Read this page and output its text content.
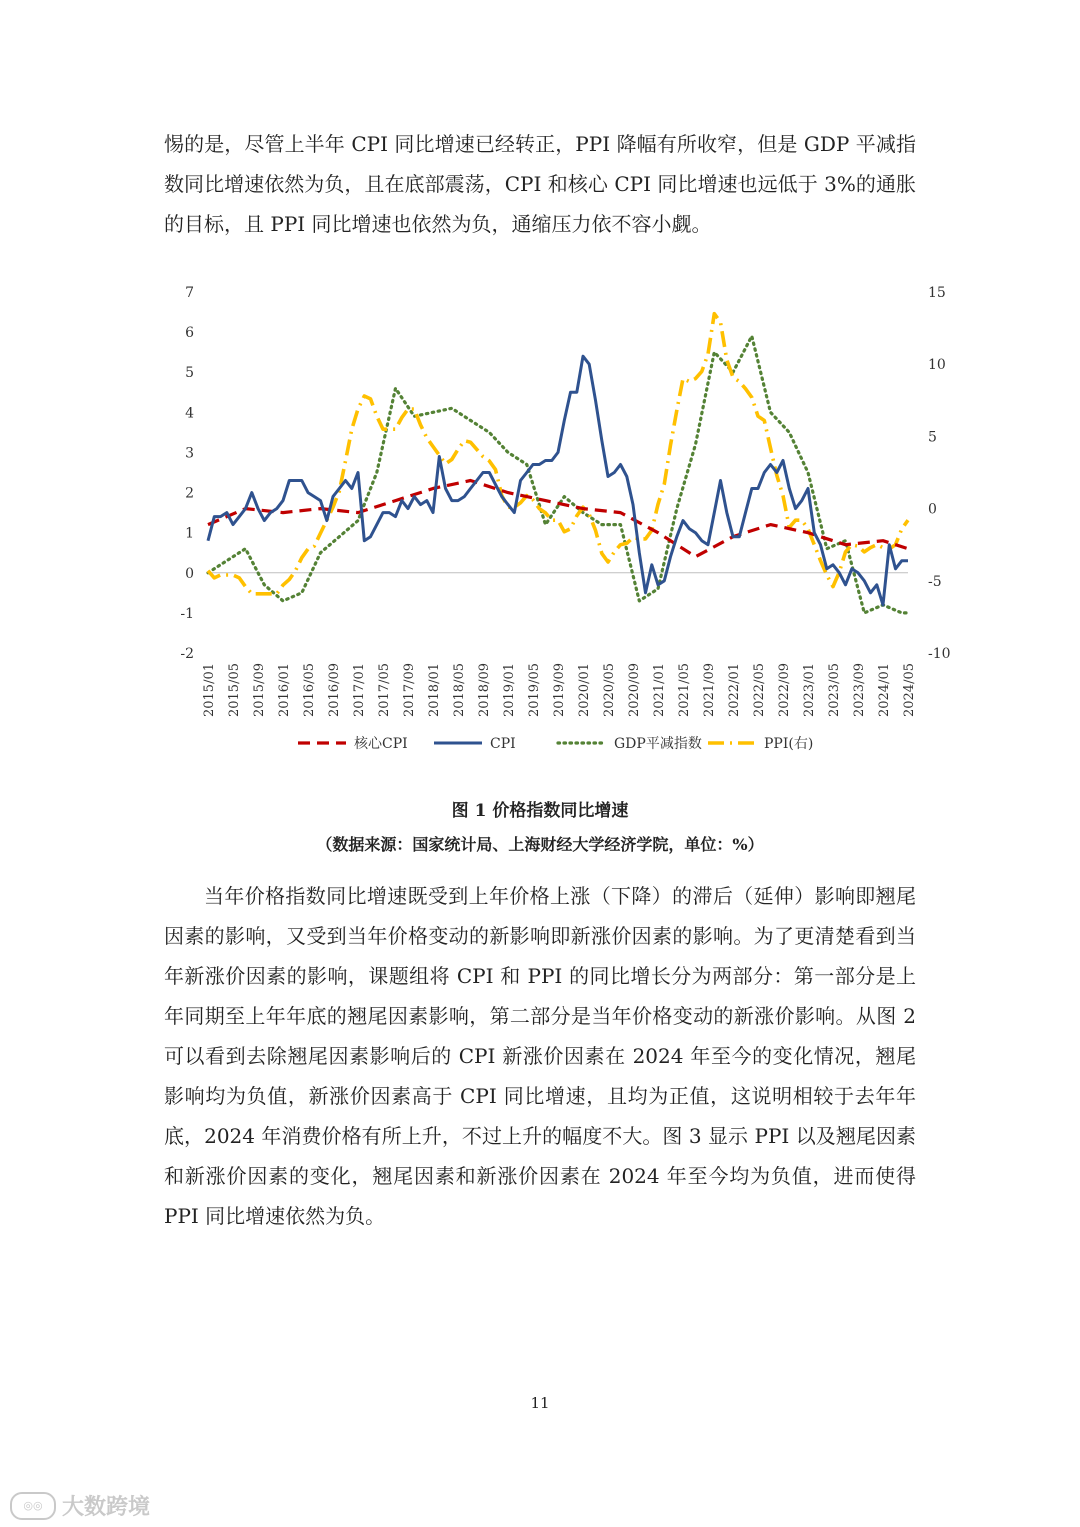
惕的是，尽管上半年 CPI 同比增速已经转正，PPI 降幅有所收窄，但是 GDP 平减指数同比增速依然为负，且在底部震荡，CPI 和核心 CPI 同比增速也远低于 3%的通胀的目标，且 PPI 同比增速也依然为负，通缩压力依不容小觑。

7
6
5
4
3
2
1
0
-1
-2
15
10
5
0
-5
-10
2015/01 2015/05 2015/09 2016/01 2016/05 2016/09 2017/01 2017/05 2017/09 2018/01 2018/05 2018/09 2019/01 2019/05 2019/09 2020/01 2020/05 2020/09 2021/01 2021/05 2021/09 2022/01 2022/05 2022/09 2023/01 2023/05 2023/09 2024/01 2024/05
核心CPI	CPI	GDP平减指数	PPI(右)

图 1 价格指数同比增速

（数据来源：国家统计局、上海财经大学经济学院，单位：%）

当年价格指数同比增速既受到上年价格上涨（下降）的滞后（延伸）影响即翘尾因素的影响，又受到当年价格变动的新影响即新涨价因素的影响。为了更清楚看到当年新涨价因素的影响，课题组将 CPI 和 PPI 的同比增长分为两部分：第一部分是上年同期至上年年底的翘尾因素影响，第二部分是当年价格变动的新涨价影响。从图 2 可以看到去除翘尾因素影响后的 CPI 新涨价因素在 2024 年至今的变化情况，翘尾影响均为负值，新涨价因素高于 CPI 同比增速，且均为正值，这说明相较于去年年底，2024 年消费价格有所上升，不过上升的幅度不大。图 3 显示 PPI 以及翘尾因素和新涨价因素的变化，翘尾因素和新涨价因素在 2024 年至今均为负值，进而使得 PPI 同比增速依然为负。

11

◎◎ 大数跨境
